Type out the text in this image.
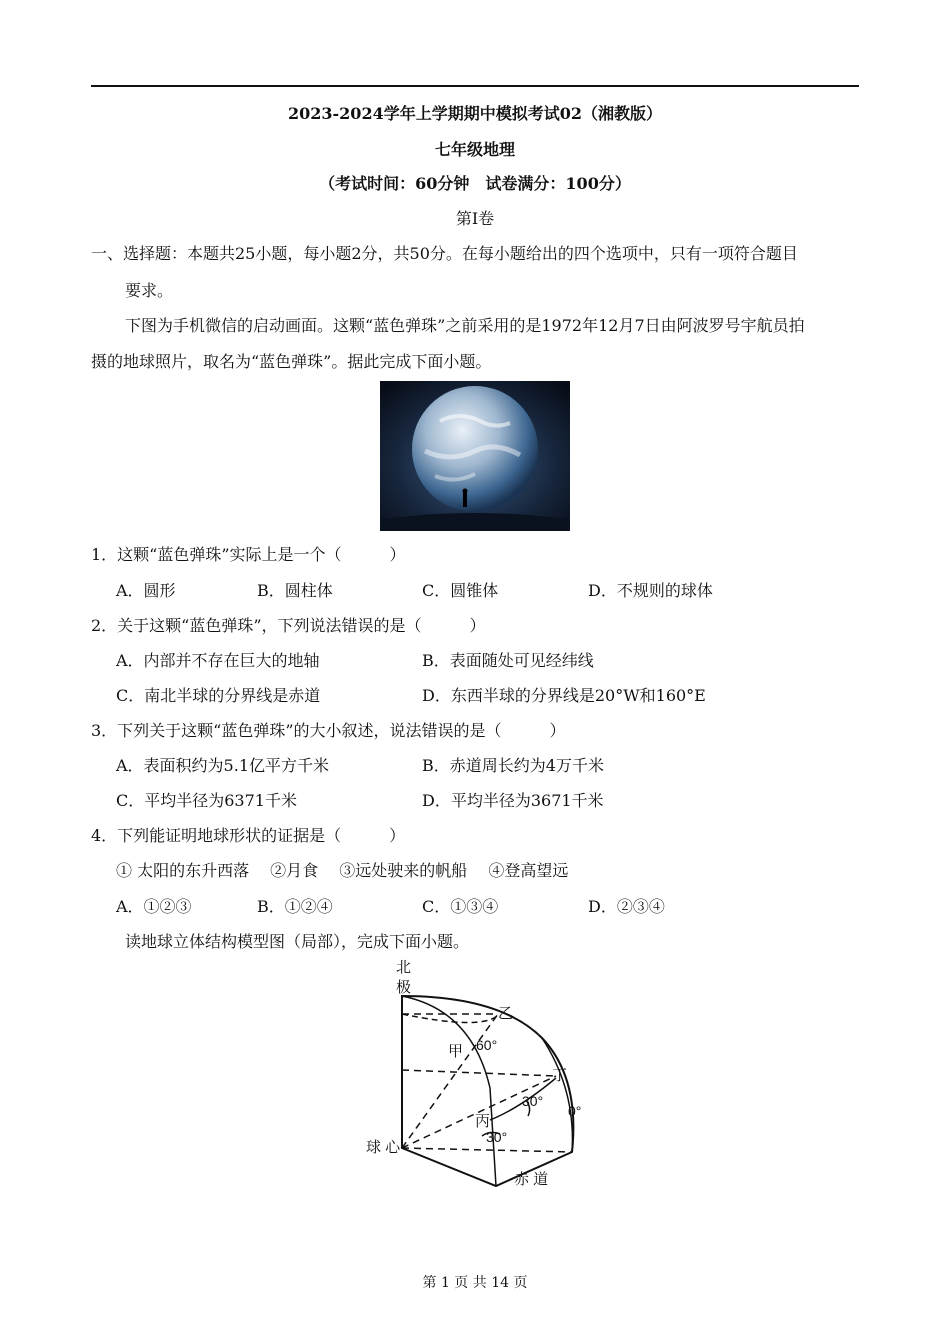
2023-2024学年上学期期中模拟考试02（湘教版）
七年级地理
（考试时间：60分钟　试卷满分：100分）
第Ⅰ卷
一、选择题：本题共25小题，每小题2分，共50分。在每小题给出的四个选项中，只有一项符合题目
要求。
下图为手机微信的启动画面。这颗“蓝色弹珠”之前采用的是1972年12月7日由阿波罗号宇航员拍
摄的地球照片，取名为“蓝色弹珠”。据此完成下面小题。
1．这颗“蓝色弹珠”实际上是一个（　　　）
A．圆形	B．圆柱体	C．圆锥体	D．不规则的球体
2．关于这颗“蓝色弹珠”，下列说法错误的是（　　　）
A．内部并不存在巨大的地轴	B．表面随处可见经纬线
C．南北半球的分界线是赤道	D．东西半球的分界线是20°W和160°E
3．下列关于这颗“蓝色弹珠”的大小叙述，说法错误的是（　　　）
A．表面积约为5.1亿平方千米	B．赤道周长约为4万千米
C．平均半径为6371千米	D．平均半径为3671千米
4．下列能证明地球形状的证据是（　　　）
① 太阳的东升西落　 ②月食　 ③远处驶来的帆船　 ④登高望远
A．①②③	B．①②④	C．①③④	D．②③④
读地球立体结构模型图（局部），完成下面小题。
北
极
乙
甲 60°
丁
30°
0°
丙
30°
球 心
赤 道
第 1 页 共 14 页
